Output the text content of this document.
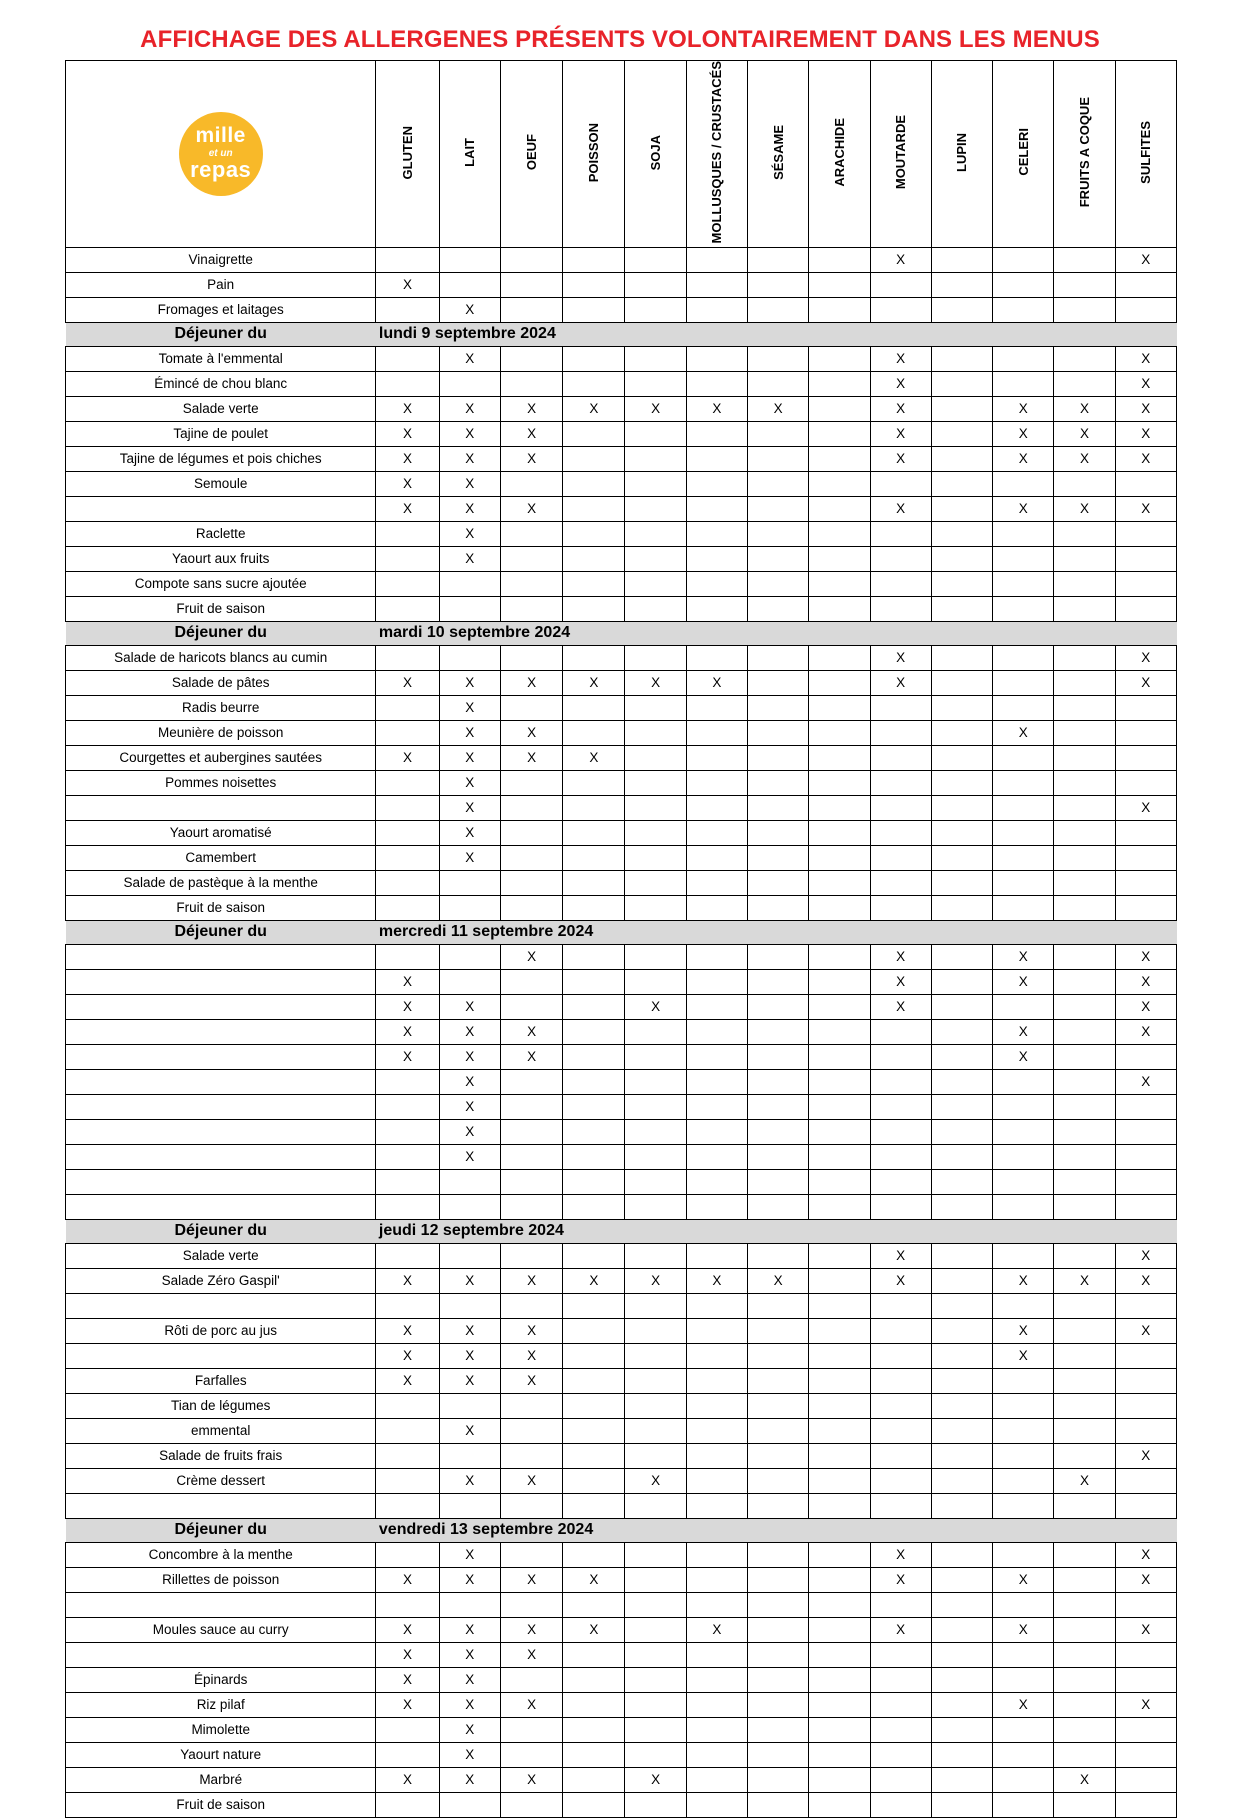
AFFICHAGE DES ALLERGENES PRÉSENTS VOLONTAIREMENT DANS LES MENUS
mille
et un
repas	GLUTEN	LAIT	OEUF	POISSON	SOJA	MOLLUSQUES / CRUSTACÉS	SÉSAME	ARACHIDE	MOUTARDE	LUPIN	CELERI	FRUITS A COQUE	SULFITES
Vinaigrette									X				X
Pain	X												
Fromages et laitages		X											
Déjeuner du	lundi 9 septembre 2024												
Tomate à l'emmental		X							X				X
Émincé de chou blanc									X				X
Salade verte	X	X	X	X	X	X	X		X		X	X	X
Tajine de poulet	X	X	X						X		X	X	X
Tajine de légumes et pois chiches	X	X	X						X		X	X	X
Semoule	X	X											
	X	X	X						X		X	X	X
Raclette		X											
Yaourt aux fruits		X											
Compote sans sucre ajoutée													
Fruit de saison													
Déjeuner du	mardi 10 septembre 2024												
Salade de haricots blancs au cumin									X				X
Salade de pâtes	X	X	X	X	X	X			X				X
Radis beurre		X											
Meunière de poisson		X	X								X		
Courgettes et aubergines sautées	X	X	X	X									
Pommes noisettes		X											
		X											X
Yaourt aromatisé		X											
Camembert		X											
Salade de pastèque à la menthe													
Fruit de saison													
Déjeuner du	mercredi 11 septembre 2024												
			X						X		X		X
	X								X		X		X
	X	X			X				X				X
	X	X	X								X		X
	X	X	X								X		
		X											X
		X											
		X											
		X											

Déjeuner du	jeudi 12 septembre 2024												
Salade verte									X				X
Salade Zéro Gaspil'	X	X	X	X	X	X	X		X		X	X	X

Rôti de porc au jus	X	X	X								X		X
	X	X	X								X		
Farfalles	X	X	X										
Tian de légumes													
emmental		X											
Salade de fruits frais													X
Crème dessert		X	X		X							X	

Déjeuner du	vendredi 13 septembre 2024												
Concombre à la menthe		X							X				X
Rillettes de poisson	X	X	X	X					X		X		X

Moules sauce au curry	X	X	X	X		X			X		X		X
	X	X	X										
Épinards	X	X											
Riz pilaf	X	X	X								X		X
Mimolette		X											
Yaourt nature		X											
Marbré	X	X	X		X							X	
Fruit de saison													
